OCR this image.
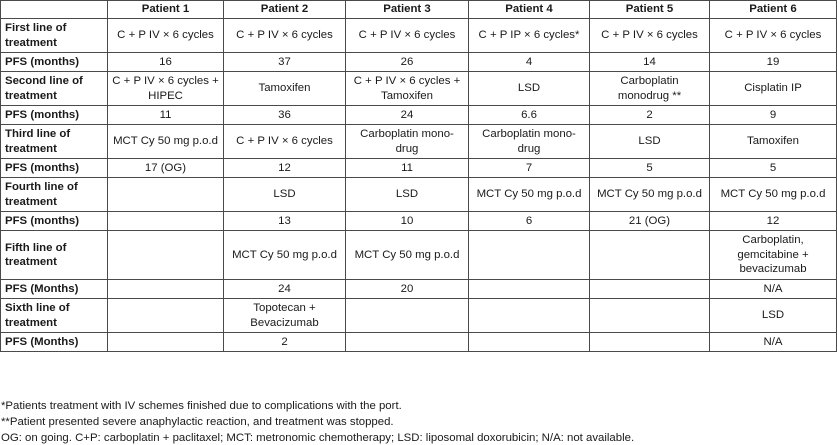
	Patient 1	Patient 2	Patient 3	Patient 4	Patient 5	Patient 6
First line of treatment	C + P IV × 6 cycles	C + P IV × 6 cycles	C + P IV × 6 cycles	C + P IP × 6 cycles*	C + P IV × 6 cycles	C + P IV × 6 cycles
PFS (months)	16	37	26	4	14	19
Second line of treatment	C + P IV × 6 cycles + HIPEC	Tamoxifen	C + P IV × 6 cycles + Tamoxifen	LSD	Carboplatin monodrug **	Cisplatin IP
PFS (months)	11	36	24	6.6	2	9
Third line of treatment	MCT Cy 50 mg p.o.d	C + P IV × 6 cycles	Carboplatin mono-drug	Carboplatin mono-drug	LSD	Tamoxifen
PFS (months)	17 (OG)	12	11	7	5	5
Fourth line of treatment		LSD	LSD	MCT Cy 50 mg p.o.d	MCT Cy 50 mg p.o.d	MCT Cy 50 mg p.o.d
PFS (months)		13	10	6	21 (OG)	12
Fifth line of treatment		MCT Cy 50 mg p.o.d	MCT Cy 50 mg p.o.d			Carboplatin, gemcitabine + bevacizumab
PFS (Months)		24	20			N/A
Sixth line of treatment		Topotecan + Bevacizumab				LSD
PFS (Months)		2				N/A
*Patients treatment with IV schemes finished due to complications with the port.
**Patient presented severe anaphylactic reaction, and treatment was stopped.
OG: on going. C+P: carboplatin + paclitaxel; MCT: metronomic chemotherapy; LSD: liposomal doxorubicin; N/A: not available.
